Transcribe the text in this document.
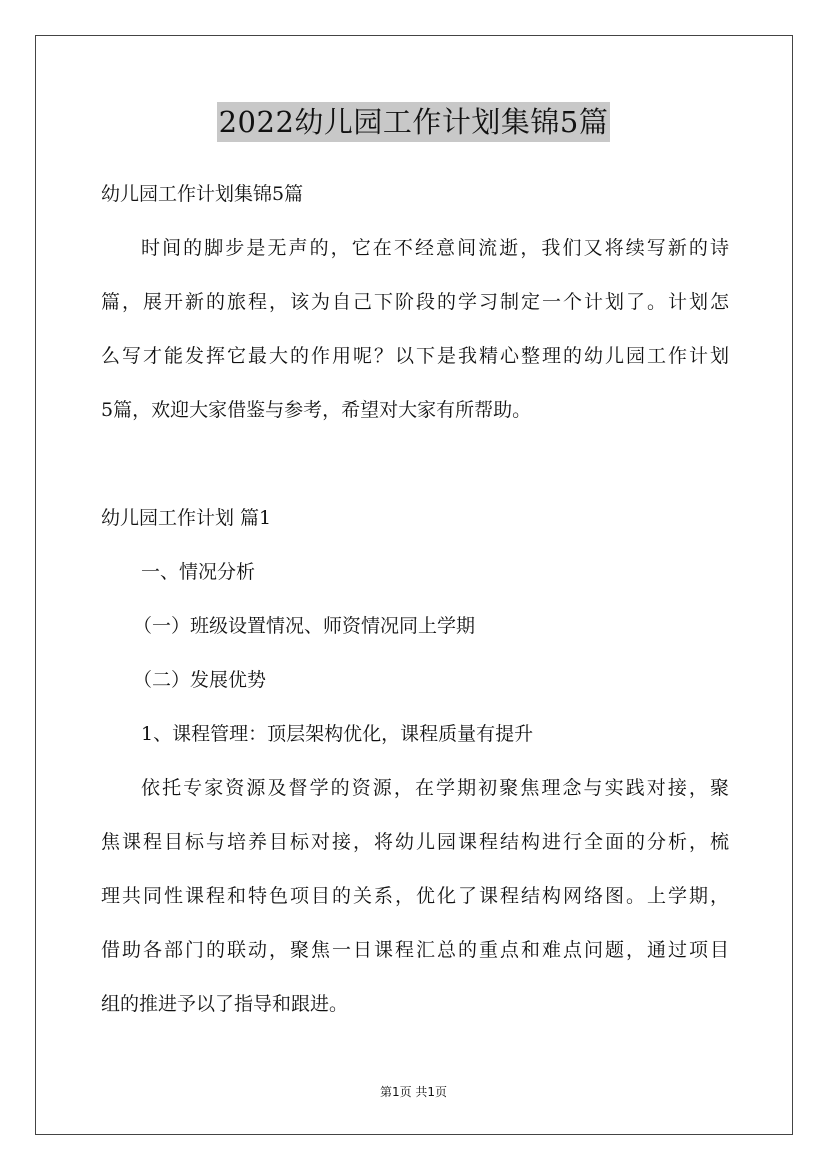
2022幼儿园工作计划集锦5篇
幼儿园工作计划集锦5篇
时间的脚步是无声的，它在不经意间流逝，我们又将续写新的诗
篇，展开新的旅程，该为自己下阶段的学习制定一个计划了。计划怎
么写才能发挥它最大的作用呢？以下是我精心整理的幼儿园工作计划
5篇，欢迎大家借鉴与参考，希望对大家有所帮助。
幼儿园工作计划 篇1
一、情况分析
（一）班级设置情况、师资情况同上学期
（二）发展优势
1、课程管理：顶层架构优化，课程质量有提升
依托专家资源及督学的资源，在学期初聚焦理念与实践对接，聚
焦课程目标与培养目标对接，将幼儿园课程结构进行全面的分析，梳
理共同性课程和特色项目的关系，优化了课程结构网络图。上学期，
借助各部门的联动，聚焦一日课程汇总的重点和难点问题，通过项目
组的推进予以了指导和跟进。
第1页 共1页
